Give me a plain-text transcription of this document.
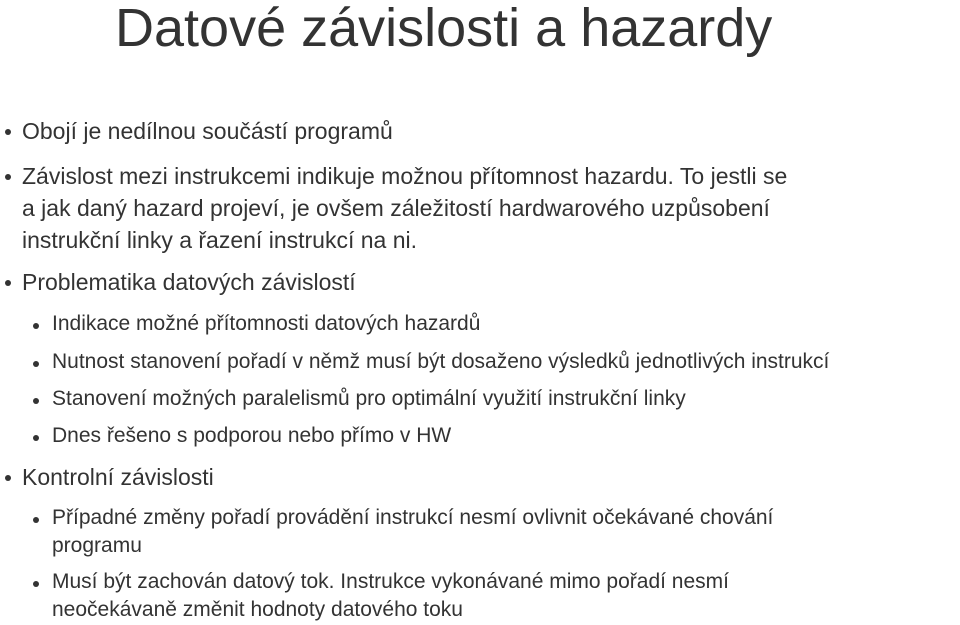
Datové závislosti a hazardy
Obojí je nedílnou součástí programů
Závislost mezi instrukcemi indikuje možnou přítomnost hazardu. To jestli se
a jak daný hazard projeví, je ovšem záležitostí hardwarového uzpůsobení
instrukční linky a řazení instrukcí na ni.
Problematika datových závislostí
Indikace možné přítomnosti datových hazardů
Nutnost stanovení pořadí v němž musí být dosaženo výsledků jednotlivých instrukcí
Stanovení možných paralelismů pro optimální využití instrukční linky
Dnes řešeno s podporou nebo přímo v HW
Kontrolní závislosti
Případné změny pořadí provádění instrukcí nesmí ovlivnit očekávané chování
programu
Musí být zachován datový tok. Instrukce vykonávané mimo pořadí nesmí
neočekávaně změnit hodnoty datového toku
